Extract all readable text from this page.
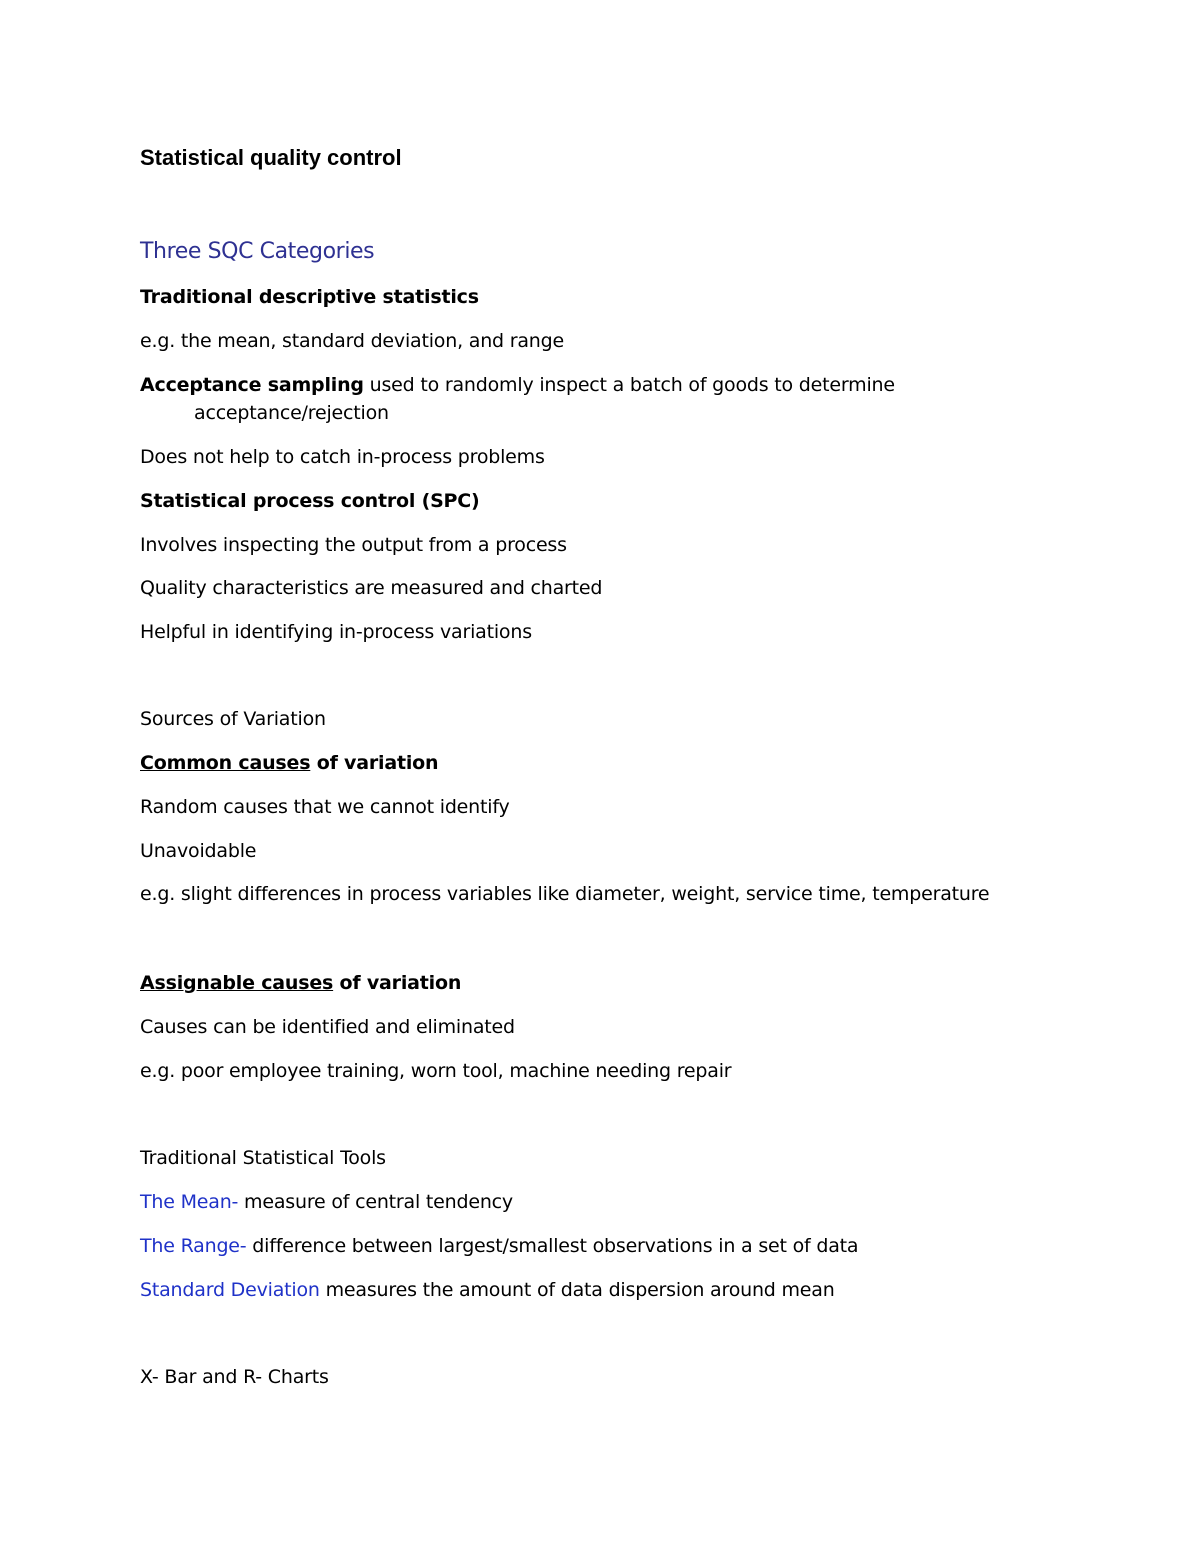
Statistical quality control
Three SQC Categories
Traditional descriptive statistics
e.g. the mean, standard deviation, and range
Acceptance sampling used to randomly inspect a batch of goods to determine
acceptance/rejection
Does not help to catch in-process problems
Statistical process control (SPC)
Involves inspecting the output from a process
Quality characteristics are measured and charted
Helpful in identifying in-process variations
Sources of Variation
Common causes of variation
Random causes that we cannot identify
Unavoidable
e.g. slight differences in process variables like diameter, weight, service time, temperature
Assignable causes of variation
Causes can be identified and eliminated
e.g. poor employee training, worn tool, machine needing repair
Traditional Statistical Tools
The Mean- measure of central tendency
The Range- difference between largest/smallest observations in a set of data
Standard Deviation measures the amount of data dispersion around mean
X- Bar and R- Charts
